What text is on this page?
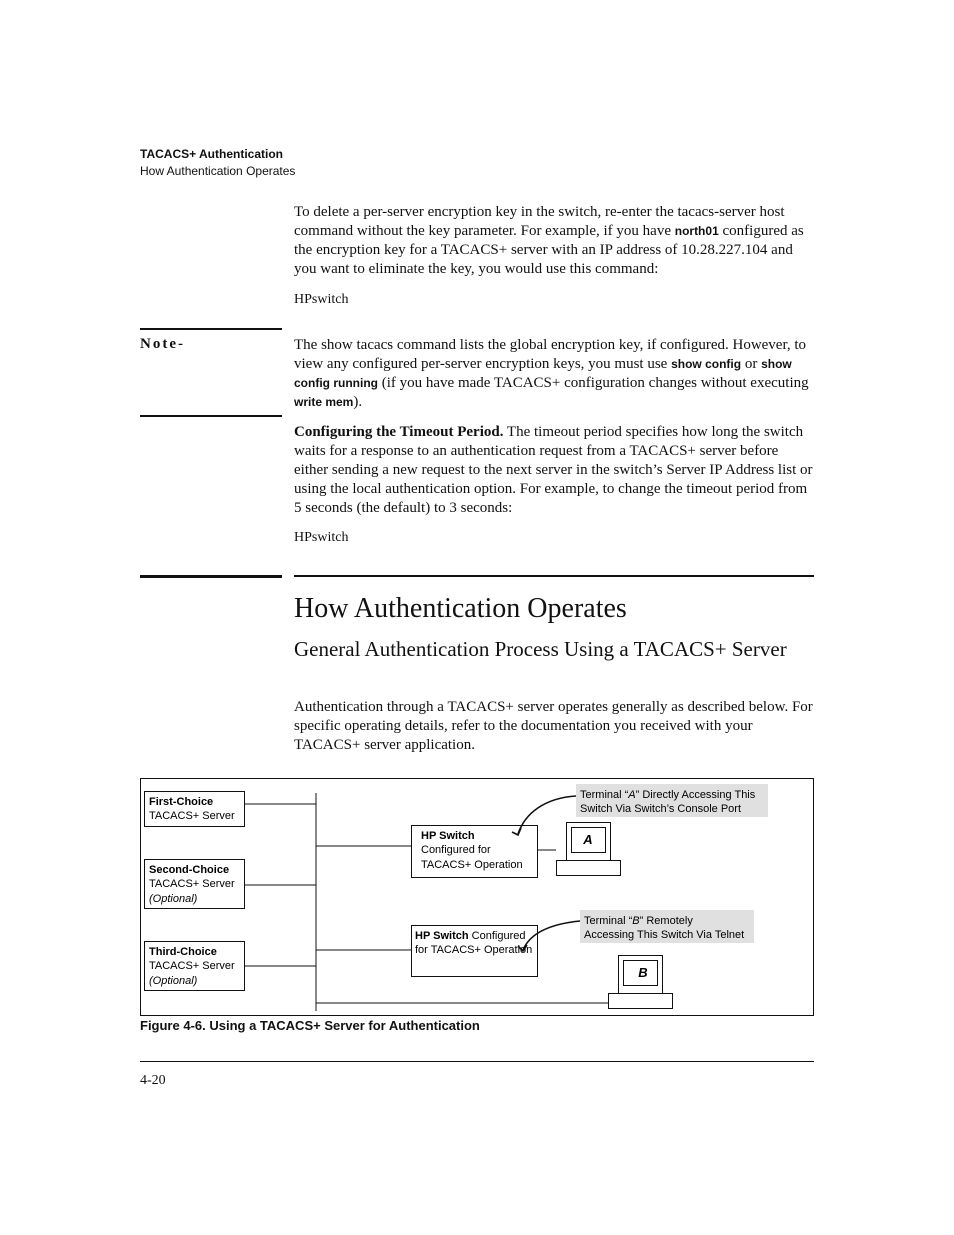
TACACS+ Authentication
How Authentication Operates
To delete a per-server encryption key in the switch, re-enter the tacacs-server host command without the key parameter. For example, if you have north01 configured as the encryption key for a TACACS+ server with an IP address of 10.28.227.104 and you want to eliminate the key, you would use this command:
HPswitch
Note-	The show tacacs command lists the global encryption key, if configured. However, to view any configured per-server encryption keys, you must use show config or show config running (if you have made TACACS+ configuration changes without executing write mem).
Configuring the Timeout Period. The timeout period specifies how long the switch waits for a response to an authentication request from a TACACS+ server before either sending a new request to the next server in the switch’s Server IP Address list or using the local authentication option. For example, to change the timeout period from 5 seconds (the default) to 3 seconds:
HPswitch
How Authentication Operates
General Authentication Process Using a TACACS+ Server
Authentication through a TACACS+ server operates generally as described below. For specific operating details, refer to the documentation you received with your TACACS+ server application.
First-Choice
TACACS+ Server
Second-Choice
TACACS+ Server
(Optional)
Third-Choice
TACACS+ Server
(Optional)
HP Switch
Configured for
TACACS+ Operation
HP Switch Configured
for TACACS+ Operation
A
B
Terminal “A” Directly Accessing This
Switch Via Switch’s Console Port
Terminal “B” Remotely
Accessing This Switch Via Telnet
Figure 4-6. Using a TACACS+ Server for Authentication
4-20
